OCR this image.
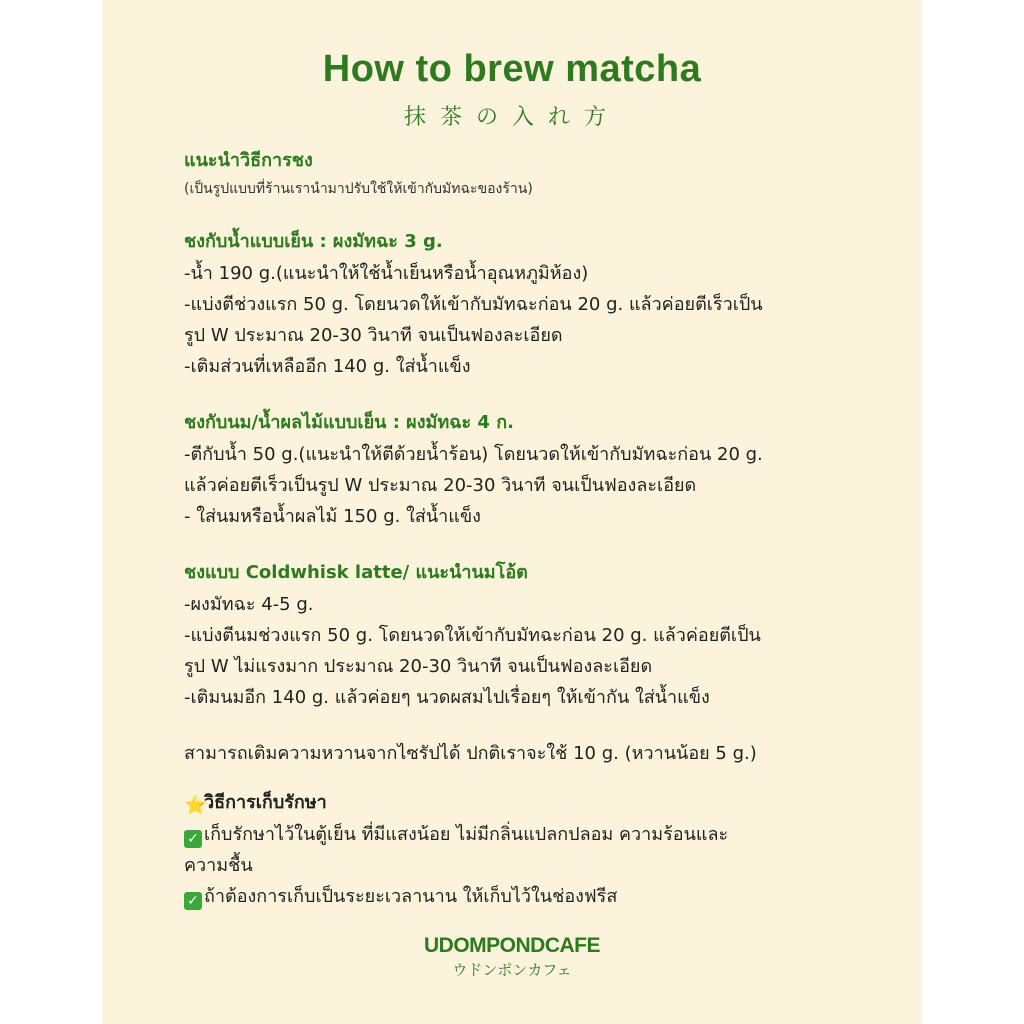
How to brew matcha
抹茶の入れ方
แนะนำวิธีการชง
(เป็นรูปแบบที่ร้านเรานำมาปรับใช้ให้เข้ากับมัทฉะของร้าน)
ชงกับน้ำแบบเย็น : ผงมัทฉะ 3 g.
-น้ำ 190 g.(แนะนำให้ใช้น้ำเย็นหรือน้ำอุณหภูมิห้อง)
-แบ่งตีช่วงแรก 50 g. โดยนวดให้เข้ากับมัทฉะก่อน 20 g. แล้วค่อยตีเร็วเป็น
รูป W ประมาณ 20-30 วินาที จนเป็นฟองละเอียด
-เติมส่วนที่เหลืออีก 140 g. ใส่น้ำแข็ง
ชงกับนม/น้ำผลไม้แบบเย็น : ผงมัทฉะ 4 ก.
-ตีกับน้ำ 50 g.(แนะนำให้ตีด้วยน้ำร้อน) โดยนวดให้เข้ากับมัทฉะก่อน 20 g.
แล้วค่อยตีเร็วเป็นรูป W ประมาณ 20-30 วินาที จนเป็นฟองละเอียด
- ใส่นมหรือน้ำผลไม้ 150 g. ใส่น้ำแข็ง
ชงแบบ Coldwhisk latte/ แนะนำนมโอ้ต
-ผงมัทฉะ 4-5 g.
-แบ่งตีนมช่วงแรก 50 g. โดยนวดให้เข้ากับมัทฉะก่อน 20 g. แล้วค่อยตีเป็น
รูป W ไม่แรงมาก ประมาณ 20-30 วินาที จนเป็นฟองละเอียด
-เติมนมอีก 140 g. แล้วค่อยๆ นวดผสมไปเรื่อยๆ ให้เข้ากัน ใส่น้ำแข็ง
สามารถเติมความหวานจากไซรัปได้ ปกติเราจะใช้ 10 g. (หวานน้อย 5 g.)
⭐วิธีการเก็บรักษา
✓ เก็บรักษาไว้ในตู้เย็น ที่มีแสงน้อย ไม่มีกลิ่นแปลกปลอม ความร้อนและ
ความชื้น
✓ ถ้าต้องการเก็บเป็นระยะเวลานาน ให้เก็บไว้ในช่องฟรีส
UDOMPONDCAFE
ウドンポンカフェ
